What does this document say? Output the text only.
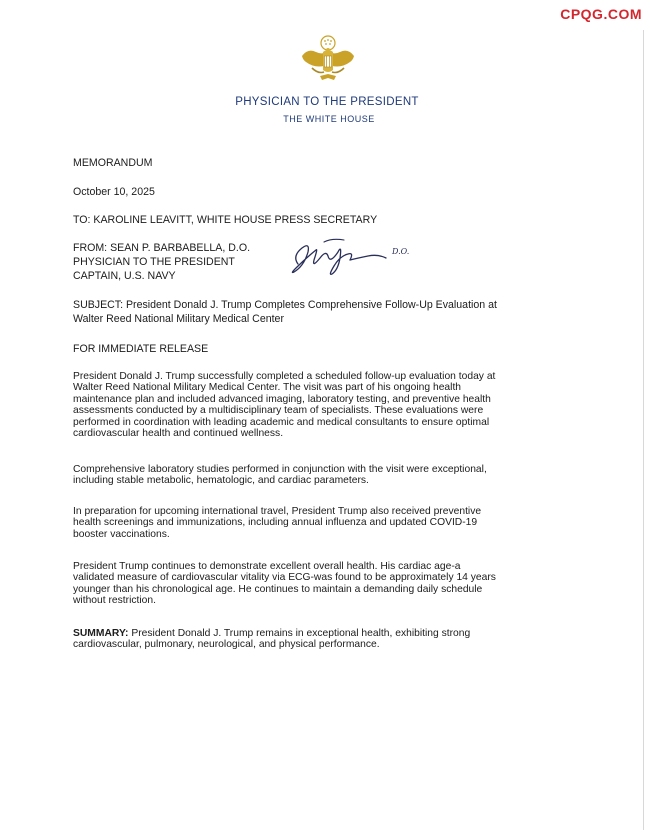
CPQG.COM
PHYSICIAN TO THE PRESIDENT
THE WHITE HOUSE
MEMORANDUM
October 10, 2025
TO: KAROLINE LEAVITT, WHITE HOUSE PRESS SECRETARY
FROM: SEAN P. BARBABELLA, D.O.
PHYSICIAN TO THE PRESIDENT
CAPTAIN, U.S. NAVY
D.O.
SUBJECT: President Donald J. Trump Completes Comprehensive Follow-Up Evaluation at
Walter Reed National Military Medical Center
FOR IMMEDIATE RELEASE

President Donald J. Trump successfully completed a scheduled follow-up evaluation today at

Walter Reed National Military Medical Center. The visit was part of his ongoing health

maintenance plan and included advanced imaging, laboratory testing, and preventive health

assessments conducted by a multidisciplinary team of specialists. These evaluations were

performed in coordination with leading academic and medical consultants to ensure optimal

cardiovascular health and continued wellness.

Comprehensive laboratory studies performed in conjunction with the visit were exceptional,

including stable metabolic, hematologic, and cardiac parameters.

In preparation for upcoming international travel, President Trump also received preventive

health screenings and immunizations, including annual influenza and updated COVID-19

booster vaccinations.

President Trump continues to demonstrate excellent overall health. His cardiac age-a

validated measure of cardiovascular vitality via ECG-was found to be approximately 14 years

younger than his chronological age. He continues to maintain a demanding daily schedule

without restriction.

SUMMARY: President Donald J. Trump remains in exceptional health, exhibiting strong

cardiovascular, pulmonary, neurological, and physical performance.
